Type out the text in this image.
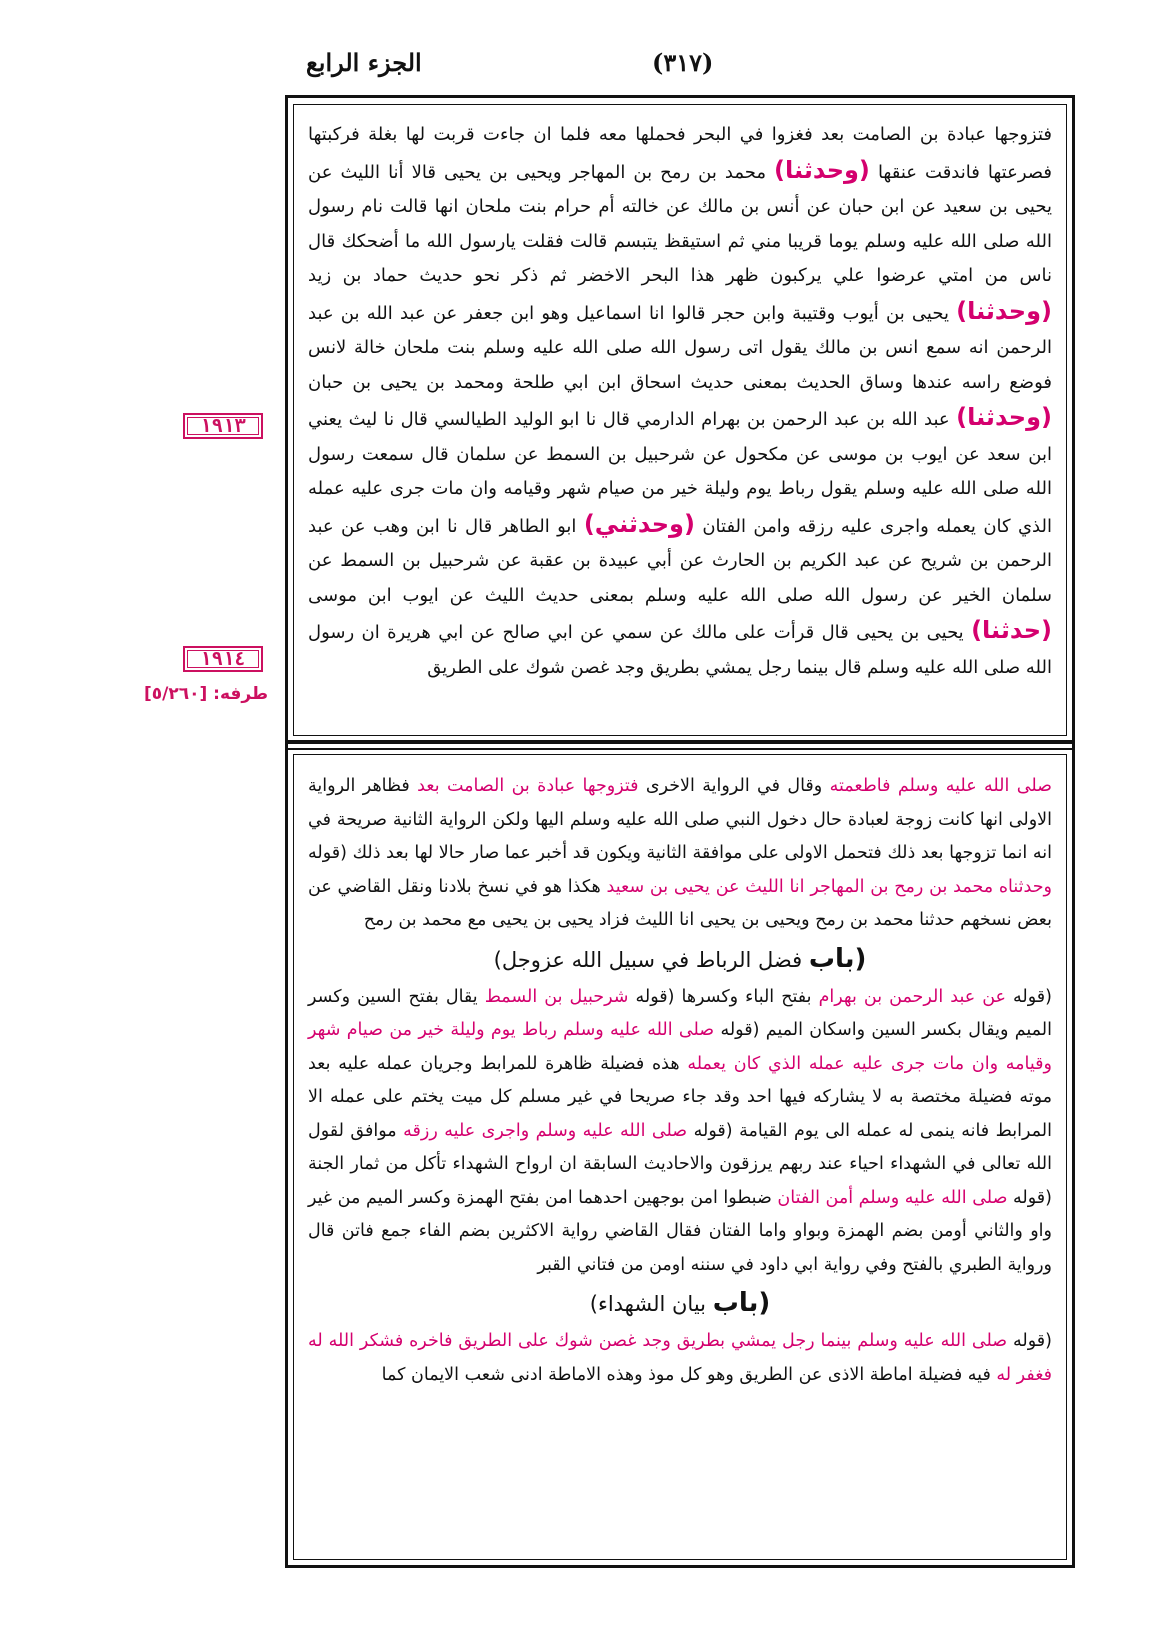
الجزء الرابع	(٣١٧)
١٩١٣
١٩١٤
طرفه: [٥/٢٦٠]
فتزوجها عبادة بن الصامت بعد فغزوا في البحر فحملها معه فلما ان جاءت قربت لها بغلة فركبتها فصرعتها فاندقت عنقها (وحدثنا) محمد بن رمح بن المهاجر ويحيى بن يحيى قالا أنا الليث عن يحيى بن سعيد عن ابن حبان عن أنس بن مالك عن خالته أم حرام بنت ملحان انها قالت نام رسول الله صلى الله عليه وسلم يوما قريبا مني ثم استيقظ يتبسم قالت فقلت يارسول الله ما أضحكك قال ناس من امتي عرضوا علي يركبون ظهر هذا البحر الاخضر ثم ذكر نحو حديث حماد بن زيد (وحدثنا) يحيى بن أيوب وقتيبة وابن حجر قالوا انا اسماعيل وهو ابن جعفر عن عبد الله بن عبد الرحمن انه سمع انس بن مالك يقول اتى رسول الله صلى الله عليه وسلم بنت ملحان خالة لانس فوضع راسه عندها وساق الحديث بمعنى حديث اسحاق ابن ابي طلحة ومحمد بن يحيى بن حبان (وحدثنا) عبد الله بن عبد الرحمن بن بهرام الدارمي قال نا ابو الوليد الطيالسي قال نا ليث يعني ابن سعد عن ايوب بن موسى عن مكحول عن شرحبيل بن السمط عن سلمان قال سمعت رسول الله صلى الله عليه وسلم يقول رباط يوم وليلة خير من صيام شهر وقيامه وان مات جرى عليه عمله الذي كان يعمله واجرى عليه رزقه وامن الفتان (وحدثني) ابو الطاهر قال نا ابن وهب عن عبد الرحمن بن شريح عن عبد الكريم بن الحارث عن أبي عبيدة بن عقبة عن شرحبيل بن السمط عن سلمان الخير عن رسول الله صلى الله عليه وسلم بمعنى حديث الليث عن ايوب ابن موسى (حدثنا) يحيى بن يحيى قال قرأت على مالك عن سمي عن ابي صالح عن ابي هريرة ان رسول الله صلى الله عليه وسلم قال بينما رجل يمشي بطريق وجد غصن شوك على الطريق

صلى الله عليه وسلم فاطعمته وقال في الرواية الاخرى فتزوجها عبادة بن الصامت بعد فظاهر الرواية الاولى انها كانت زوجة لعبادة حال دخول النبي صلى الله عليه وسلم اليها ولكن الرواية الثانية صريحة في انه انما تزوجها بعد ذلك فتحمل الاولى على موافقة الثانية ويكون قد أخبر عما صار حالا لها بعد ذلك (قوله وحدثناه محمد بن رمح بن المهاجر انا الليث عن يحيى بن سعيد هكذا هو في نسخ بلادنا ونقل القاضي عن بعض نسخهم حدثنا محمد بن رمح ويحيى بن يحيى انا الليث فزاد يحيى بن يحيى مع محمد بن رمح

(باب فضل الرباط في سبيل الله عزوجل)

(قوله عن عبد الرحمن بن بهرام بفتح الباء وكسرها (قوله شرحبيل بن السمط يقال بفتح السين وكسر الميم ويقال بكسر السين واسكان الميم (قوله صلى الله عليه وسلم رباط يوم وليلة خير من صيام شهر وقيامه وان مات جرى عليه عمله الذي كان يعمله هذه فضيلة ظاهرة للمرابط وجريان عمله عليه بعد موته فضيلة مختصة به لا يشاركه فيها احد وقد جاء صريحا في غير مسلم كل ميت يختم على عمله الا المرابط فانه ينمى له عمله الى يوم القيامة (قوله صلى الله عليه وسلم واجرى عليه رزقه موافق لقول الله تعالى في الشهداء احياء عند ربهم يرزقون والاحاديث السابقة ان ارواح الشهداء تأكل من ثمار الجنة (قوله صلى الله عليه وسلم أمن الفتان ضبطوا امن بوجهين احدهما امن بفتح الهمزة وكسر الميم من غير واو والثاني أومن بضم الهمزة وبواو واما الفتان فقال القاضي رواية الاكثرين بضم الفاء جمع فاتن قال ورواية الطبري بالفتح وفي رواية ابي داود في سننه اومن من فتاني القبر

(باب بيان الشهداء)

(قوله صلى الله عليه وسلم بينما رجل يمشي بطريق وجد غصن شوك على الطريق فاخره فشكر الله له فغفر له فيه فضيلة اماطة الاذى عن الطريق وهو كل موذ وهذه الاماطة ادنى شعب الايمان كما
